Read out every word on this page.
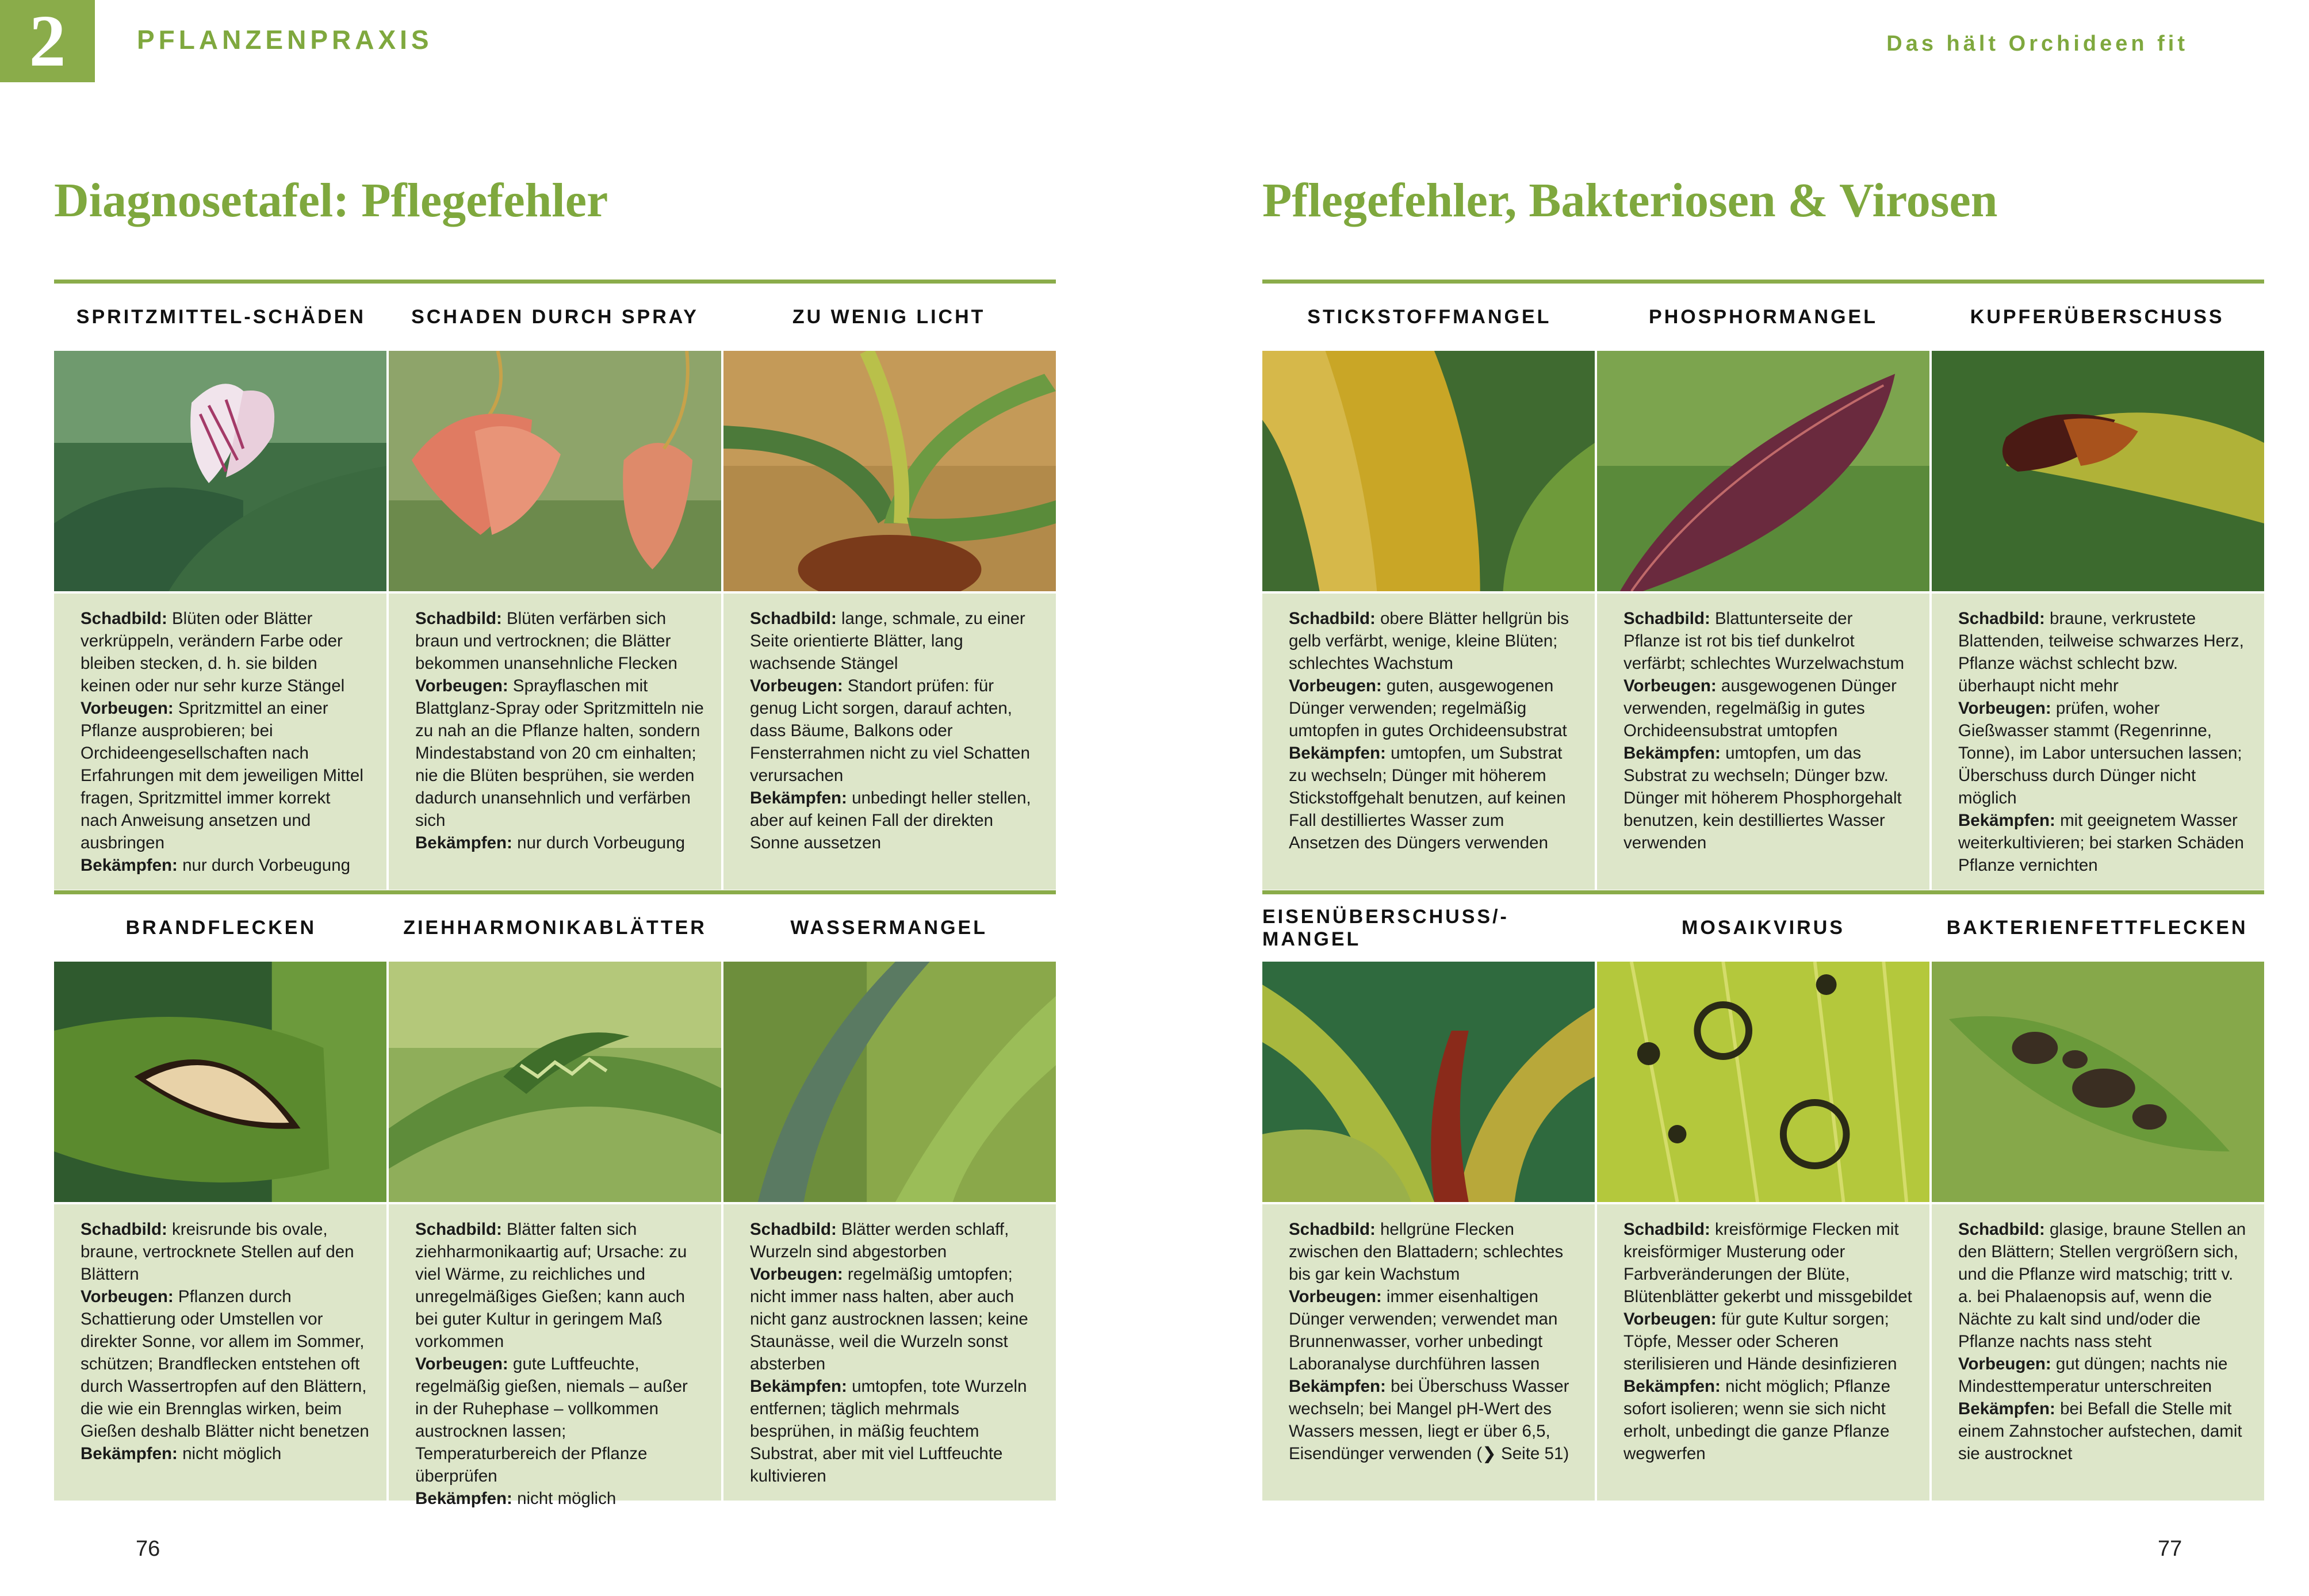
2	PFLANZENPRAXIS	Das hält Orchideen fit
Diagnosetafel: Pflegefehler	Pflegefehler, Bakteriosen & Virosen
SPRITZMITTEL-SCHÄDEN	SCHADEN DURCH SPRAY	ZU WENIG LICHT
Schadbild: Blüten oder Blätter verkrüppeln, verändern Farbe oder bleiben stecken, d. h. sie bilden keinen oder nur sehr kurze Stängel
Vorbeugen: Spritzmittel an einer Pflanze ausprobieren; bei Orchideengesellschaften nach Erfahrungen mit dem jeweiligen Mittel fragen, Spritzmittel immer korrekt nach Anweisung ansetzen und ausbringen
Bekämpfen: nur durch Vorbeugung
Schadbild: Blüten verfärben sich braun und vertrocknen; die Blätter bekommen unansehnliche Flecken
Vorbeugen: Sprayflaschen mit Blattglanz-Spray oder Spritzmitteln nie zu nah an die Pflanze halten, sondern Mindestabstand von 20 cm einhalten; nie die Blüten besprühen, sie werden dadurch unansehnlich und verfärben sich
Bekämpfen: nur durch Vorbeugung
Schadbild: lange, schmale, zu einer Seite orientierte Blätter, lang wachsende Stängel
Vorbeugen: Standort prüfen: für genug Licht sorgen, darauf achten, dass Bäume, Balkons oder Fensterrahmen nicht zu viel Schatten verursachen
Bekämpfen: unbedingt heller stellen, aber auf keinen Fall der direkten Sonne aussetzen
BRANDFLECKEN	ZIEHHARMONIKABLÄTTER	WASSERMANGEL
Schadbild: kreisrunde bis ovale, braune, vertrocknete Stellen auf den Blättern
Vorbeugen: Pflanzen durch Schattierung oder Umstellen vor direkter Sonne, vor allem im Sommer, schützen; Brandflecken entstehen oft durch Wassertropfen auf den Blättern, die wie ein Brennglas wirken, beim Gießen deshalb Blätter nicht benetzen
Bekämpfen: nicht möglich
Schadbild: Blätter falten sich ziehharmonikaartig auf; Ursache: zu viel Wärme, zu reichliches und unregelmäßiges Gießen; kann auch bei guter Kultur in geringem Maß vorkommen
Vorbeugen: gute Luftfeuchte, regelmäßig gießen, niemals – außer in der Ruhephase – vollkommen austrocknen lassen; Temperaturbereich der Pflanze überprüfen
Bekämpfen: nicht möglich
Schadbild: Blätter werden schlaff, Wurzeln sind abgestorben
Vorbeugen: regelmäßig umtopfen; nicht immer nass halten, aber auch nicht ganz austrocknen lassen; keine Staunässe, weil die Wurzeln sonst absterben
Bekämpfen: umtopfen, tote Wurzeln entfernen; täglich mehrmals besprühen, in mäßig feuchtem Substrat, aber mit viel Luftfeuchte kultivieren
STICKSTOFFMANGEL	PHOSPHORMANGEL	KUPFERÜBERSCHUSS
Schadbild: obere Blätter hellgrün bis gelb verfärbt, wenige, kleine Blüten; schlechtes Wachstum
Vorbeugen: guten, ausgewogenen Dünger verwenden; regelmäßig umtopfen in gutes Orchideensubstrat
Bekämpfen: umtopfen, um Substrat zu wechseln; Dünger mit höherem Stickstoffgehalt benutzen, auf keinen Fall destilliertes Wasser zum Ansetzen des Düngers verwenden
Schadbild: Blattunterseite der Pflanze ist rot bis tief dunkelrot verfärbt; schlechtes Wurzelwachstum
Vorbeugen: ausgewogenen Dünger verwenden, regelmäßig in gutes Orchideensubstrat umtopfen
Bekämpfen: umtopfen, um das Substrat zu wechseln; Dünger bzw. Dünger mit höherem Phosphorgehalt benutzen, kein destilliertes Wasser verwenden
Schadbild: braune, verkrustete Blattenden, teilweise schwarzes Herz, Pflanze wächst schlecht bzw. überhaupt nicht mehr
Vorbeugen: prüfen, woher Gießwasser stammt (Regenrinne, Tonne), im Labor untersuchen lassen; Überschuss durch Dünger nicht möglich
Bekämpfen: mit geeignetem Wasser weiterkultivieren; bei starken Schäden Pflanze vernichten
EISENÜBERSCHUSS/-MANGEL
MOSAIKVIRUS	BAKTERIENFETTFLECKEN
Schadbild: hellgrüne Flecken zwischen den Blattadern; schlechtes bis gar kein Wachstum
Vorbeugen: immer eisenhaltigen Dünger verwenden; verwendet man Brunnenwasser, vorher unbedingt Laboranalyse durchführen lassen
Bekämpfen: bei Überschuss Wasser wechseln; bei Mangel pH-Wert des Wassers messen, liegt er über 6,5, Eisendünger verwenden (❯ Seite 51)
Schadbild: kreisförmige Flecken mit kreisförmiger Musterung oder Farbveränderungen der Blüte, Blütenblätter gekerbt und missgebildet
Vorbeugen: für gute Kultur sorgen; Töpfe, Messer oder Scheren sterilisieren und Hände desinfizieren
Bekämpfen: nicht möglich; Pflanze sofort isolieren; wenn sie sich nicht erholt, unbedingt die ganze Pflanze wegwerfen
Schadbild: glasige, braune Stellen an den Blättern; Stellen vergrößern sich, und die Pflanze wird matschig; tritt v. a. bei Phalaenopsis auf, wenn die Nächte zu kalt sind und/oder die Pflanze nachts nass steht
Vorbeugen: gut düngen; nachts nie Mindesttemperatur unterschreiten
Bekämpfen: bei Befall die Stelle mit einem Zahnstocher aufstechen, damit sie austrocknet
76	77
